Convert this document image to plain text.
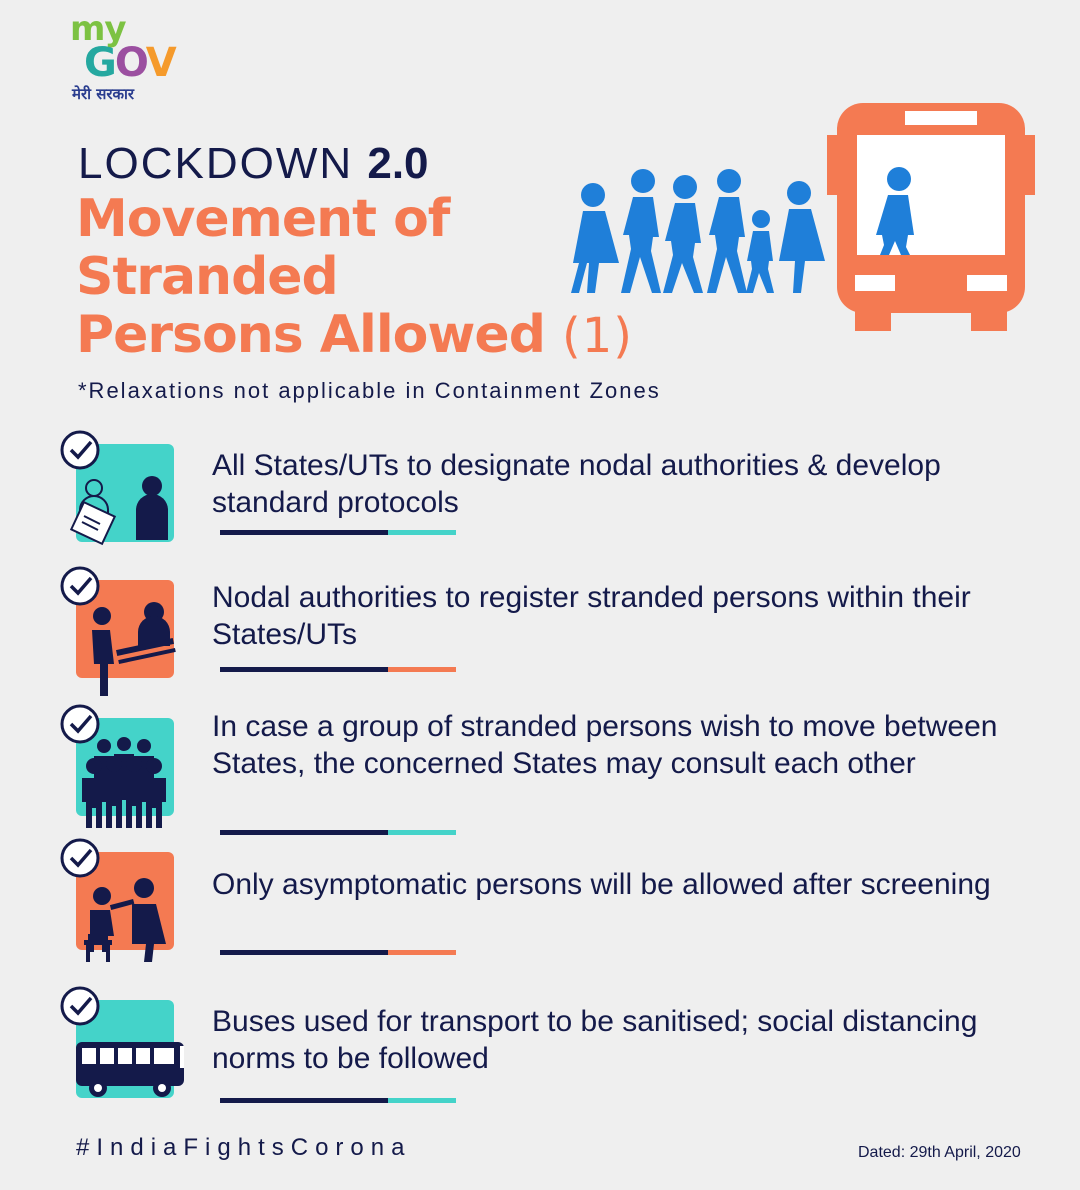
my
GOV
मेरी सरकार
LOCKDOWN 2.0
Movement of
Stranded
Persons Allowed (1)
*Relaxations not applicable in Containment Zones
All States/UTs to designate nodal authorities & develop standard protocols
Nodal authorities to register stranded persons within their States/UTs
In case a group of stranded persons wish to move between States, the concerned States may consult each other
Only asymptomatic persons will be allowed after screening
Buses used for transport to be sanitised; social distancing norms to be followed
#IndiaFightsCorona	Dated: 29th April, 2020
